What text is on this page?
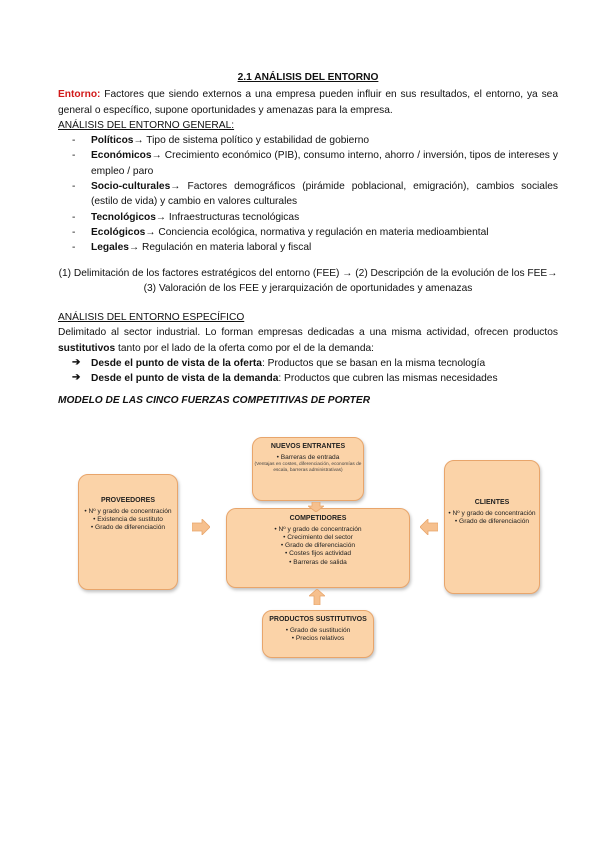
2.1 ANÁLISIS DEL ENTORNO
Entorno: Factores que siendo externos a una empresa pueden influir en sus resultados, el entorno, ya sea general o específico, supone oportunidades y amenazas para la empresa.
ANÁLISIS DEL ENTORNO GENERAL:
- Políticos→ Tipo de sistema político y estabilidad de gobierno
- Económicos→ Crecimiento económico (PIB), consumo interno, ahorro / inversión, tipos de intereses y empleo / paro
- Socio-culturales→ Factores demográficos (pirámide poblacional, emigración), cambios sociales (estilo de vida) y cambio en valores culturales
- Tecnológicos→ Infraestructuras tecnológicas
- Ecológicos→ Conciencia ecológica, normativa y regulación en materia medioambiental
- Legales→ Regulación en materia laboral y fiscal
(1) Delimitación de los factores estratégicos del entorno (FEE) → (2) Descripción de la evolución de los FEE→
(3) Valoración de los FEE y jerarquización de oportunidades y amenazas
ANÁLISIS DEL ENTORNO ESPECÍFICO
Delimitado al sector industrial. Lo forman empresas dedicadas a una misma actividad, ofrecen productos sustitutivos tanto por el lado de la oferta como por el de la demanda:
➔ Desde el punto de vista de la oferta: Productos que se basan en la misma tecnología
➔ Desde el punto de vista de la demanda: Productos que cubren las mismas necesidades
MODELO DE LAS CINCO FUERZAS COMPETITIVAS DE PORTER
NUEVOS ENTRANTES
• Barreras de entrada
(Ventajas en costes, diferenciación, economías de escala, barreras administrativas)
PROVEEDORES
• Nº y grado de concentración
• Existencia de sustituto
• Grado de diferenciación
COMPETIDORES
• Nº y grado de concentración
• Crecimiento del sector
• Grado de diferenciación
• Costes fijos actividad
• Barreras de salida
CLIENTES
• Nº y grado de concentración
• Grado de diferenciación
PRODUCTOS SUSTITUTIVOS
• Grado de sustitución
• Precios relativos
